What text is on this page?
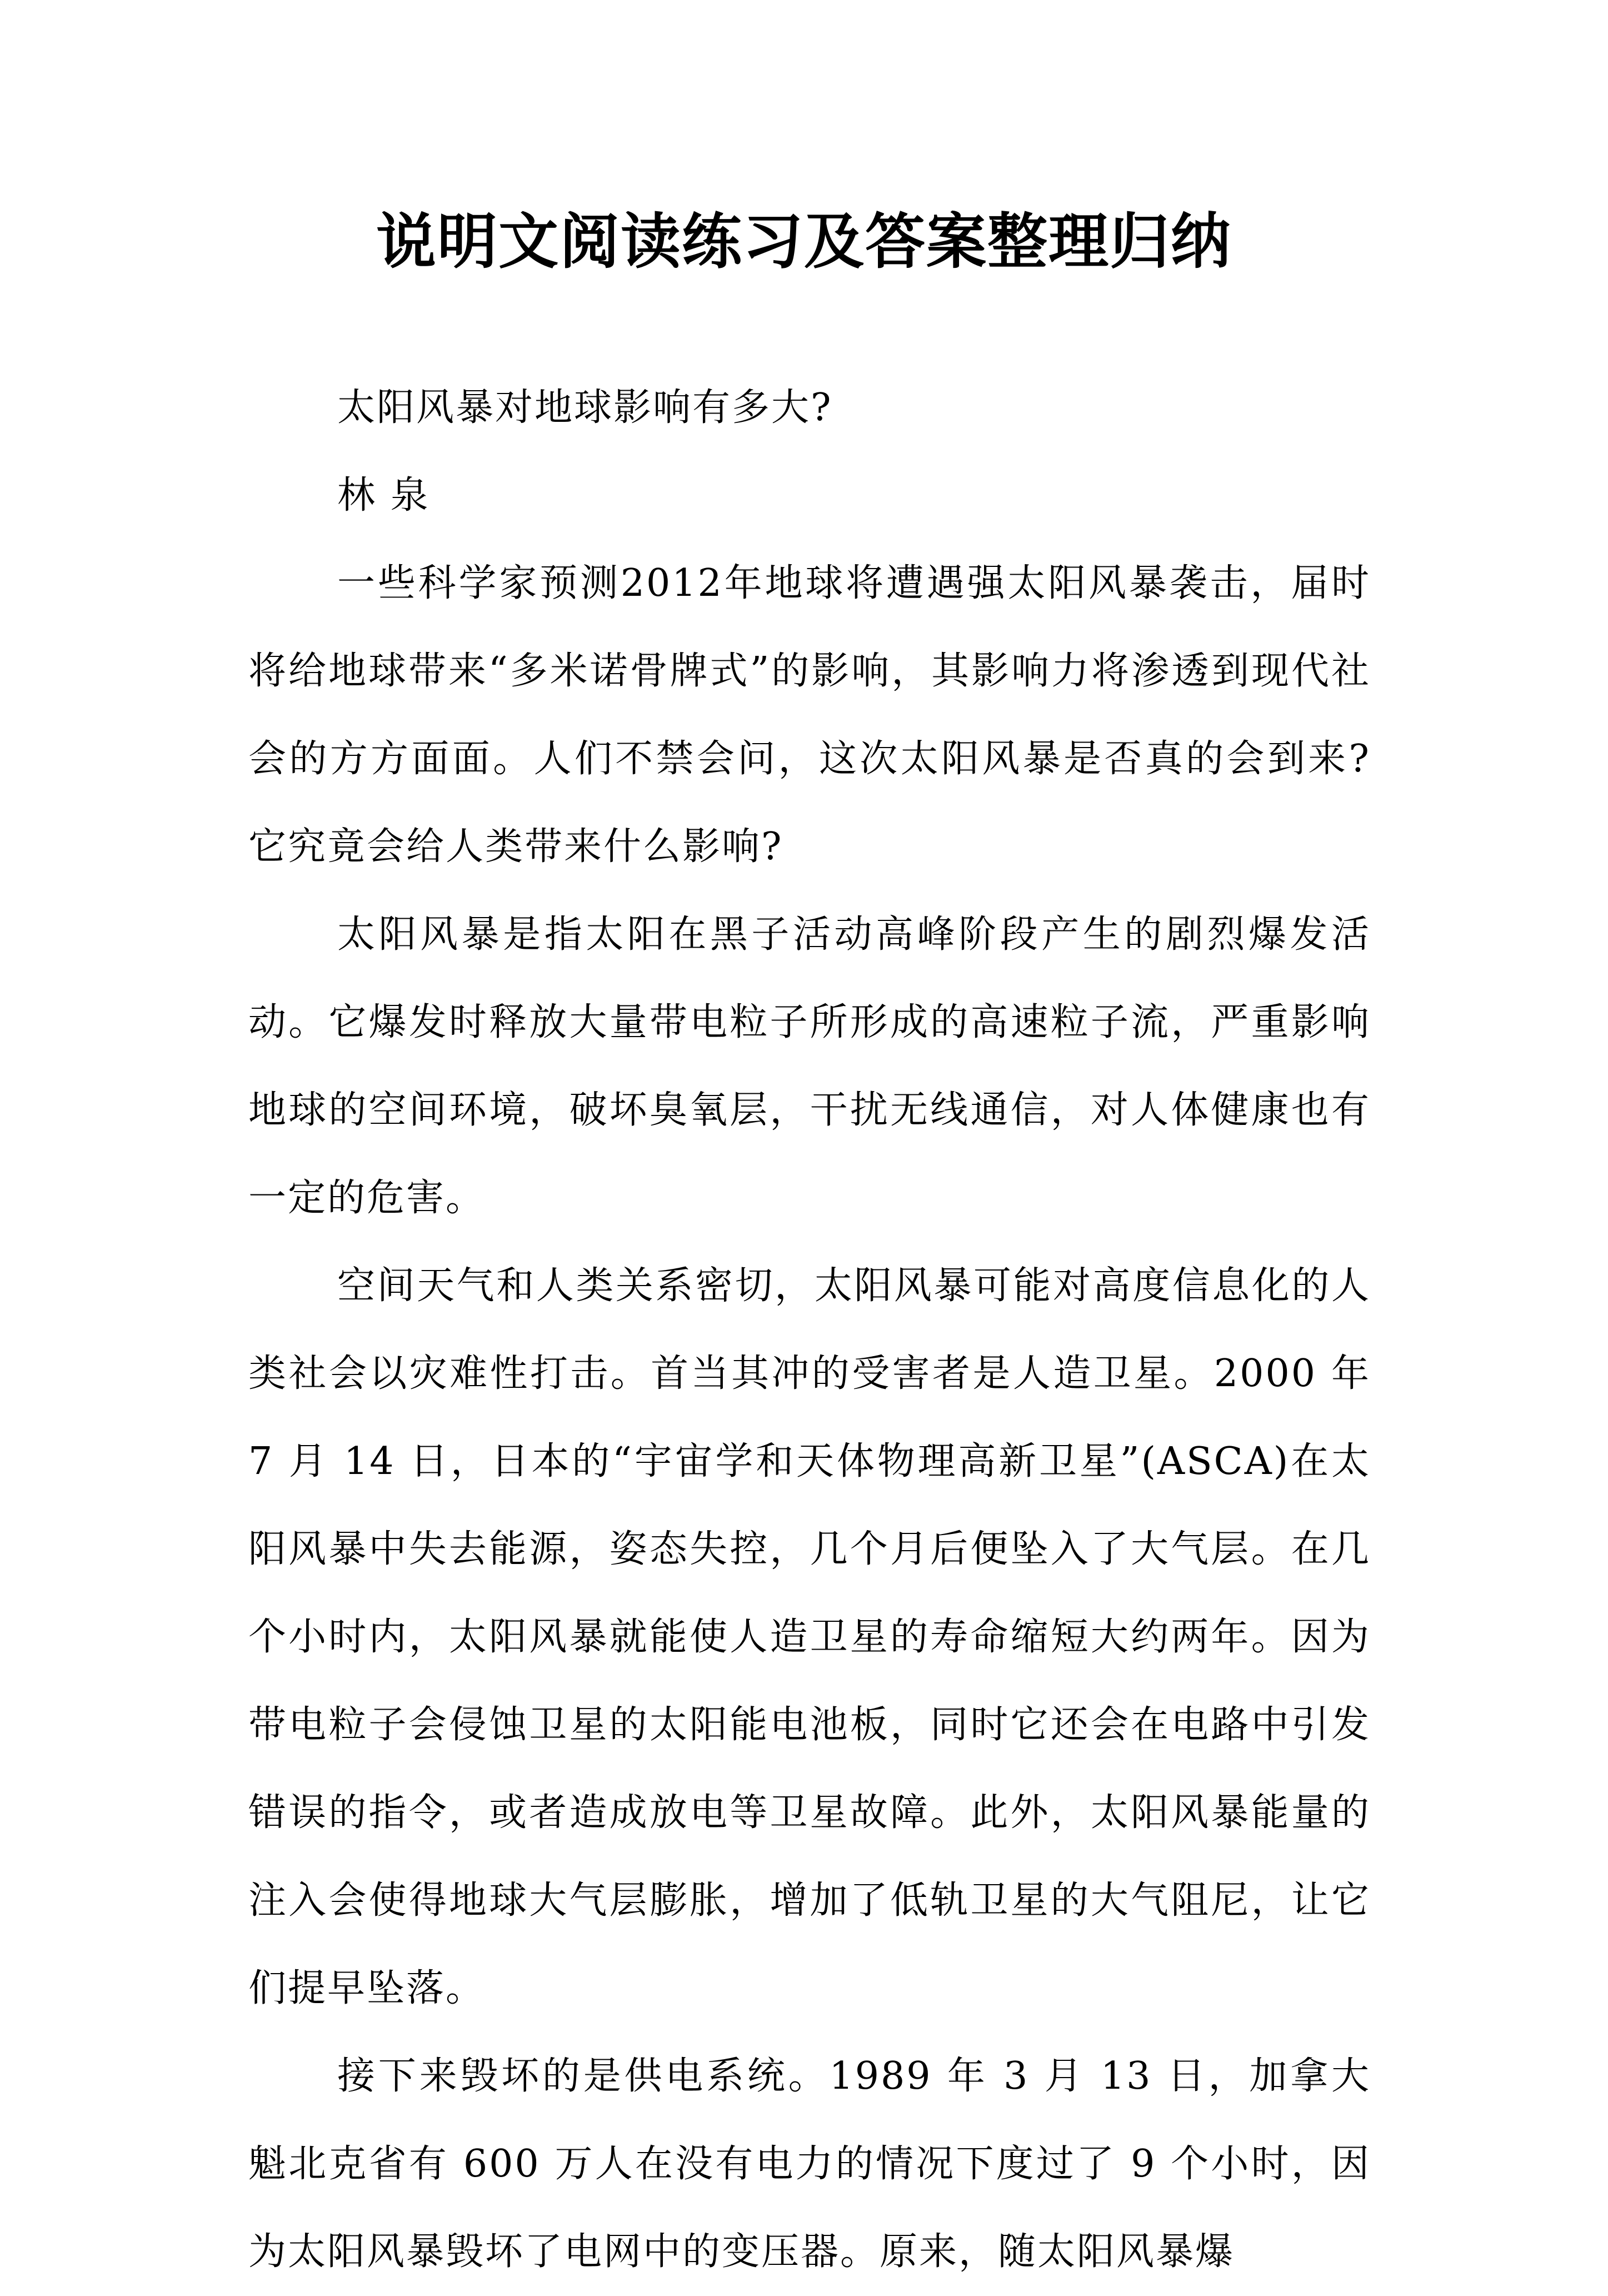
说明文阅读练习及答案整理归纳

太阳风暴对地球影响有多大?

林 泉

一些科学家预测2012年地球将遭遇强太阳风暴袭击，届时将给地球带来“多米诺骨牌式”的影响，其影响力将渗透到现代社会的方方面面。人们不禁会问，这次太阳风暴是否真的会到来?它究竟会给人类带来什么影响?

太阳风暴是指太阳在黑子活动高峰阶段产生的剧烈爆发活动。它爆发时释放大量带电粒子所形成的高速粒子流，严重影响地球的空间环境，破坏臭氧层，干扰无线通信，对人体健康也有一定的危害。

空间天气和人类关系密切，太阳风暴可能对高度信息化的人类社会以灾难性打击。首当其冲的受害者是人造卫星。2000 年 7 月 14 日，日本的“宇宙学和天体物理高新卫星”(ASCA)在太阳风暴中失去能源，姿态失控，几个月后便坠入了大气层。在几个小时内，太阳风暴就能使人造卫星的寿命缩短大约两年。因为带电粒子会侵蚀卫星的太阳能电池板，同时它还会在电路中引发错误的指令，或者造成放电等卫星故障。此外，太阳风暴能量的注入会使得地球大气层膨胀，增加了低轨卫星的大气阻尼，让它们提早坠落。

接下来毁坏的是供电系统。1989 年 3 月 13 日，加拿大魁北克省有 600 万人在没有电力的情况下度过了 9 个小时，因为太阳风暴毁坏了电网中的变压器。原来，随太阳风暴爆
